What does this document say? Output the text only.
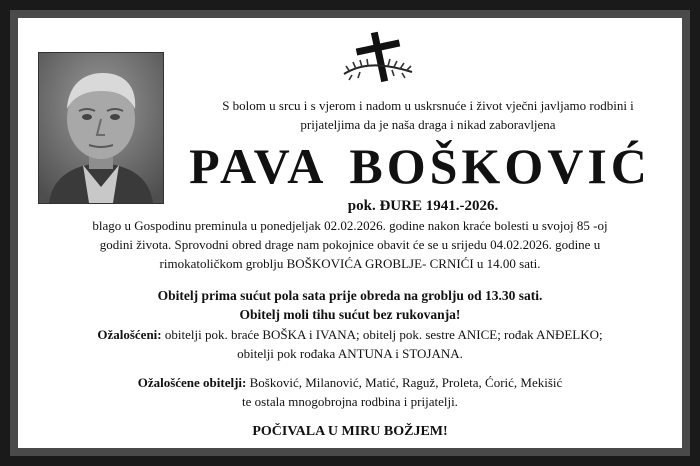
S bolom u srcu i s vjerom i nadom u uskrsnuće i život vječni javljamo rodbini i
prijateljima da je naša draga i nikad zaboravljena
PAVA BOŠKOVIĆ
pok. ĐURE 1941.-2026.
blago u Gospodinu preminula u ponedjeljak 02.02.2026. godine nakon kraće bolesti u svojoj 85 -oj
godini života. Sprovodni obred drage nam pokojnice obavit će se u srijedu 04.02.2026. godine u
rimokatoličkom groblju BOŠKOVIĆA GROBLJE- CRNIĆI u 14.00 sati.
Obitelj prima sućut pola sata prije obreda na groblju od 13.30 sati.
Obitelj moli tihu sućut bez rukovanja!
Ožalošćeni: obitelji pok. braće BOŠKA i IVANA; obitelj pok. sestre ANICE; rođak ANĐELKO;
obitelji pok rođaka ANTUNA i STOJANA.
Ožalošćene obitelji: Bošković, Milanović, Matić, Raguž, Proleta, Ćorić, Mekišić
te ostala mnogobrojna rodbina i prijatelji.
POČIVALA U MIRU BOŽJEM!
